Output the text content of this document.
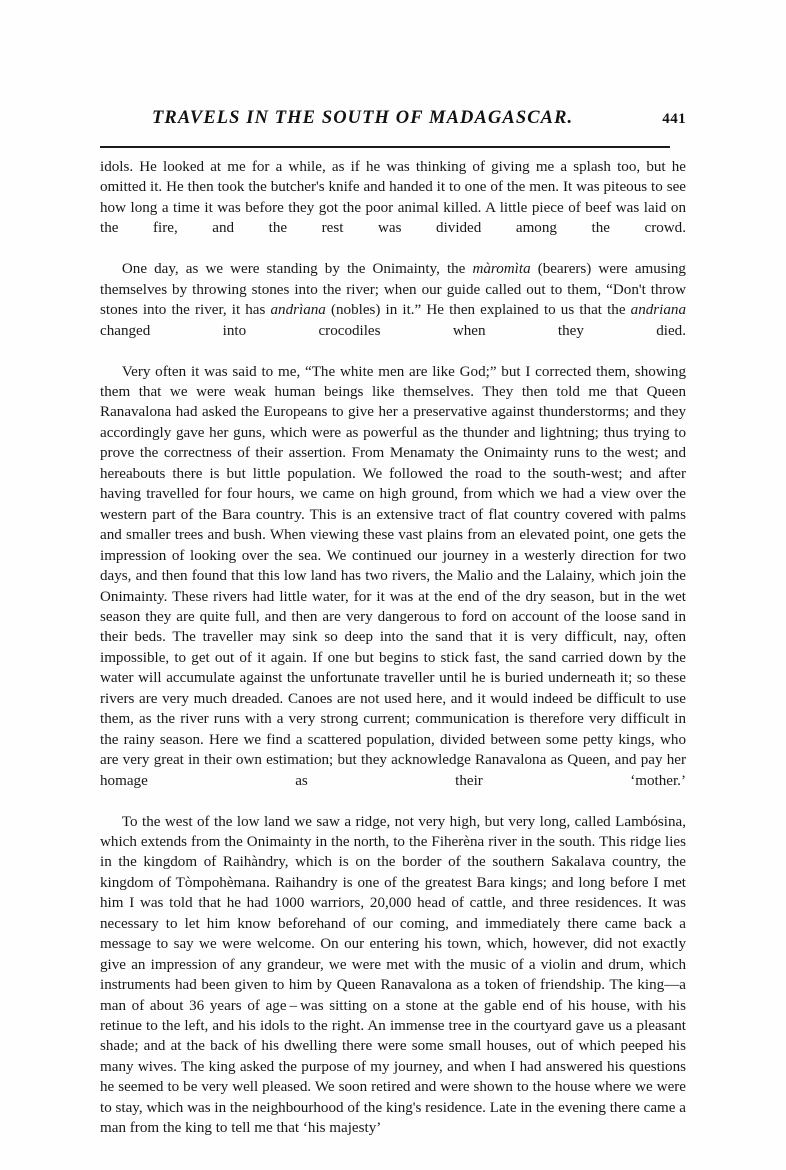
TRAVELS IN THE SOUTH OF MADAGASCAR.	441

idols. He looked at me for a while, as if he was thinking of giving me a splash too, but he omitted it. He then took the butcher's knife and handed it to one of the men. It was piteous to see how long a time it was before they got the poor animal killed. A little piece of beef was laid on the fire, and the rest was divided among the crowd.

One day, as we were standing by the Onimainty, the màromìta (bearers) were amusing themselves by throwing stones into the river; when our guide called out to them, “Don't throw stones into the river, it has andrìana (nobles) in it.” He then explained to us that the andriana changed into crocodiles when they died.

Very often it was said to me, “The white men are like God;” but I corrected them, showing them that we were weak human beings like themselves. They then told me that Queen Ranavalona had asked the Europeans to give her a preservative against thunderstorms; and they accordingly gave her guns, which were as powerful as the thunder and lightning; thus trying to prove the correctness of their assertion. From Menamaty the Onimainty runs to the west; and hereabouts there is but little population. We followed the road to the south-west; and after having travelled for four hours, we came on high ground, from which we had a view over the western part of the Bara country. This is an extensive tract of flat country covered with palms and smaller trees and bush. When viewing these vast plains from an elevated point, one gets the impression of looking over the sea. We continued our journey in a westerly direction for two days, and then found that this low land has two rivers, the Malio and the Lalainy, which join the Onimainty. These rivers had little water, for it was at the end of the dry season, but in the wet season they are quite full, and then are very dangerous to ford on account of the loose sand in their beds. The traveller may sink so deep into the sand that it is very difficult, nay, often impossible, to get out of it again. If one but begins to stick fast, the sand carried down by the water will accumulate against the unfortunate traveller until he is buried underneath it; so these rivers are very much dreaded. Canoes are not used here, and it would indeed be difficult to use them, as the river runs with a very strong current; communication is therefore very difficult in the rainy season. Here we find a scattered population, divided between some petty kings, who are very great in their own estimation; but they acknowledge Ranavalona as Queen, and pay her homage as their ‘mother.’

To the west of the low land we saw a ridge, not very high, but very long, called Lambósina, which extends from the Onimainty in the north, to the Fiherèna river in the south. This ridge lies in the kingdom of Raihàndry, which is on the border of the southern Sakalava country, the kingdom of Tòmpohèmana. Raihandry is one of the greatest Bara kings; and long before I met him I was told that he had 1000 warriors, 20,000 head of cattle, and three residences. It was necessary to let him know beforehand of our coming, and immediately there came back a message to say we were welcome. On our entering his town, which, however, did not exactly give an impression of any grandeur, we were met with the music of a violin and drum, which instruments had been given to him by Queen Ranavalona as a token of friendship. The king—a man of about 36 years of age – was sitting on a stone at the gable end of his house, with his retinue to the left, and his idols to the right. An immense tree in the courtyard gave us a pleasant shade; and at the back of his dwelling there were some small houses, out of which peeped his many wives. The king asked the purpose of my journey, and when I had answered his questions he seemed to be very well pleased. We soon retired and were shown to the house where we were to stay, which was in the neighbourhood of the king's residence. Late in the evening there came a man from the king to tell me that ‘his majesty’
